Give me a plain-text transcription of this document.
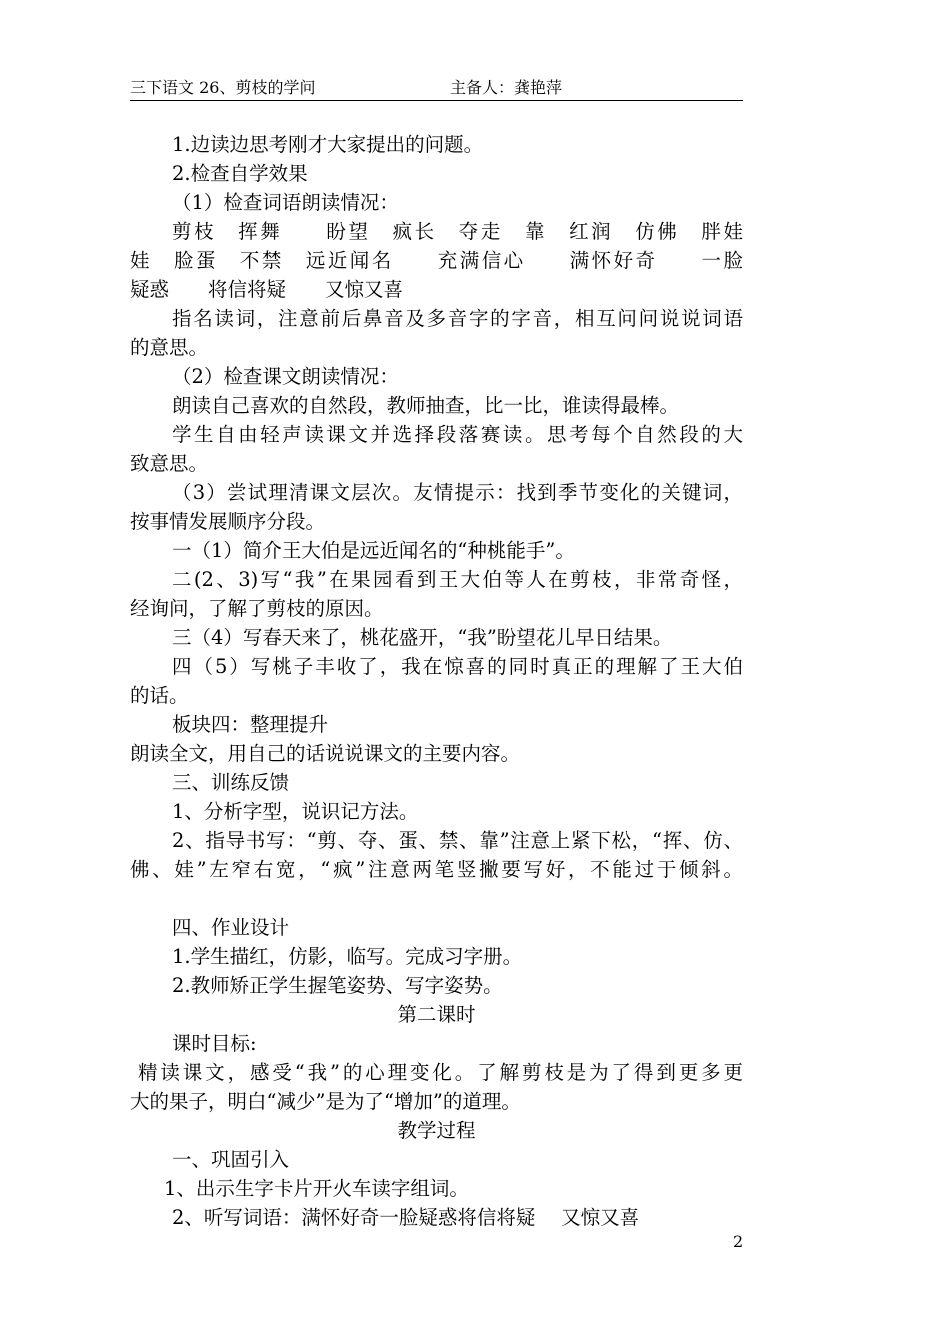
三下语文 26、剪枝的学问	主备人：龚艳萍

1.边读边思考刚才大家提出的问题。

2.检查自学效果

（1）检查词语朗读情况：

剪枝　挥舞　　盼望　疯长　夺走　靠　红润　仿佛　胖娃

娃　脸蛋　不禁　远近闻名　　充满信心　　满怀好奇　　一脸

疑惑　　将信将疑　　又惊又喜

指名读词，注意前后鼻音及多音字的字音，相互问问说说词语

的意思。

（2）检查课文朗读情况：

朗读自己喜欢的自然段，教师抽查，比一比，谁读得最棒。

学生自由轻声读课文并选择段落赛读。思考每个自然段的大

致意思。

（3）尝试理清课文层次。友情提示：找到季节变化的关键词，

按事情发展顺序分段。

一（1）简介王大伯是远近闻名的“种桃能手”。

二(2、3)写“我”在果园看到王大伯等人在剪枝，非常奇怪，

经询问，了解了剪枝的原因。

三（4）写春天来了，桃花盛开，“我”盼望花儿早日结果。

四（5）写桃子丰收了，我在惊喜的同时真正的理解了王大伯

的话。

板块四：整理提升

朗读全文，用自己的话说说课文的主要内容。

三、训练反馈

1、分析字型，说识记方法。

2、指导书写：“剪、夺、蛋、禁、靠”注意上紧下松，“挥、仿、

佛、娃”左窄右宽，“疯”注意两笔竖撇要写好，不能过于倾斜。

四、作业设计

1.学生描红，仿影，临写。完成习字册。

2.教师矫正学生握笔姿势、写字姿势。

第二课时

课时目标:

精读课文，感受“我”的心理变化。了解剪枝是为了得到更多更

大的果子，明白“减少”是为了“增加”的道理。

教学过程

一、巩固引入

1、出示生字卡片开火车读字组词。

2、听写词语：满怀好奇一脸疑惑将信将疑　 又惊又喜

2
